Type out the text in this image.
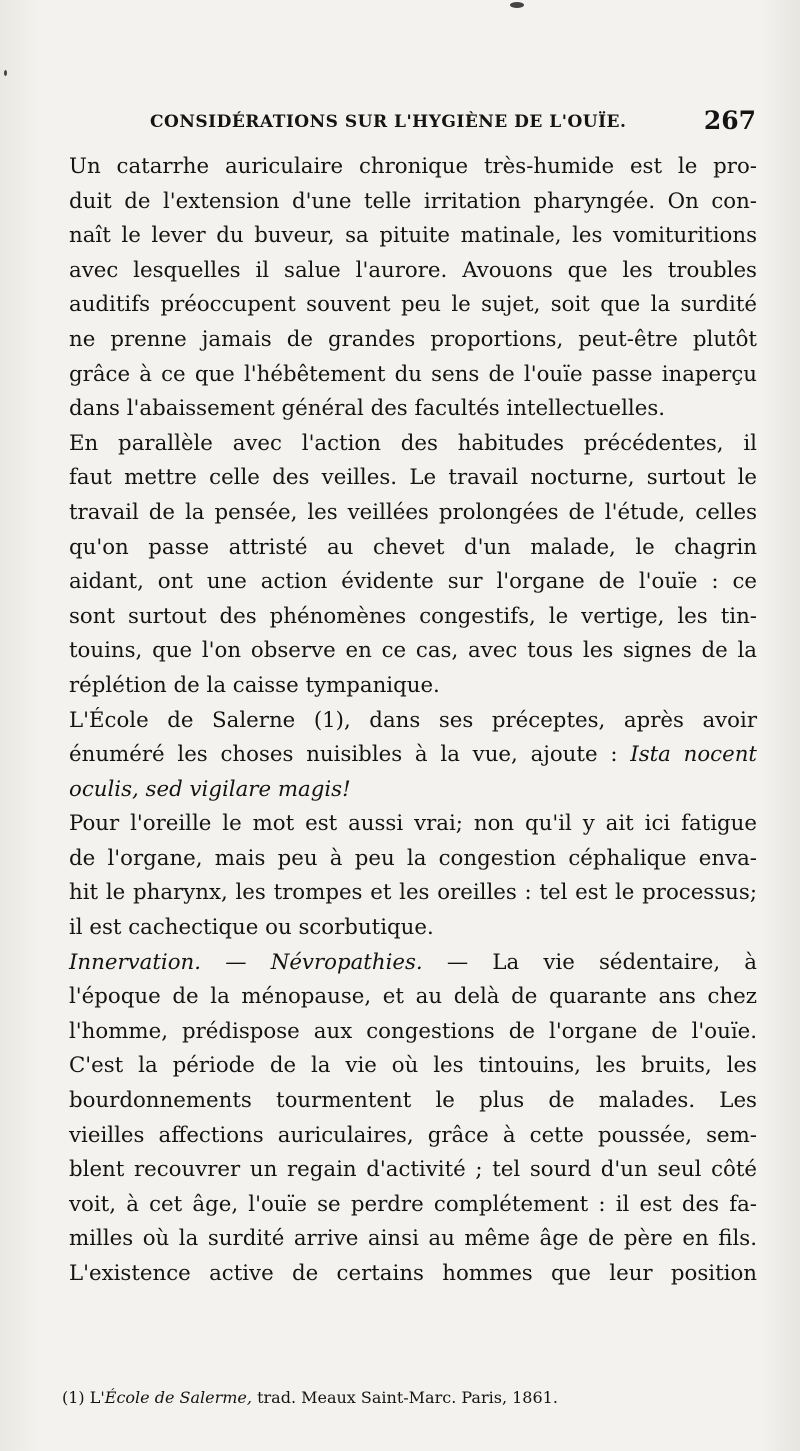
CONSIDÉRATIONS SUR L'HYGIÈNE DE L'OUÏE.	267
Un catarrhe auriculaire chronique très-humide est le pro-
duit de l'extension d'une telle irritation pharyngée. On con-
naît le lever du buveur, sa pituite matinale, les vomituritions
avec lesquelles il salue l'aurore. Avouons que les troubles
auditifs préoccupent souvent peu le sujet, soit que la surdité
ne prenne jamais de grandes proportions, peut-être plutôt
grâce à ce que l'hébêtement du sens de l'ouïe passe inaperçu
dans l'abaissement général des facultés intellectuelles.
En parallèle avec l'action des habitudes précédentes, il
faut mettre celle des veilles. Le travail nocturne, surtout le
travail de la pensée, les veillées prolongées de l'étude, celles
qu'on passe attristé au chevet d'un malade, le chagrin
aidant, ont une action évidente sur l'organe de l'ouïe : ce
sont surtout des phénomènes congestifs, le vertige, les tin-
touins, que l'on observe en ce cas, avec tous les signes de la
réplétion de la caisse tympanique.
L'École de Salerne (1), dans ses préceptes, après avoir
énuméré les choses nuisibles à la vue, ajoute : Ista nocent
oculis, sed vigilare magis!
Pour l'oreille le mot est aussi vrai; non qu'il y ait ici fatigue
de l'organe, mais peu à peu la congestion céphalique enva-
hit le pharynx, les trompes et les oreilles : tel est le processus;
il est cachectique ou scorbutique.
Innervation. — Névropathies. — La vie sédentaire, à
l'époque de la ménopause, et au delà de quarante ans chez
l'homme, prédispose aux congestions de l'organe de l'ouïe.
C'est la période de la vie où les tintouins, les bruits, les
bourdonnements tourmentent le plus de malades. Les
vieilles affections auriculaires, grâce à cette poussée, sem-
blent recouvrer un regain d'activité ; tel sourd d'un seul côté
voit, à cet âge, l'ouïe se perdre complétement : il est des fa-
milles où la surdité arrive ainsi au même âge de père en fils.
L'existence active de certains hommes que leur position
(1) L'École de Salerme, trad. Meaux Saint-Marc. Paris, 1861.
